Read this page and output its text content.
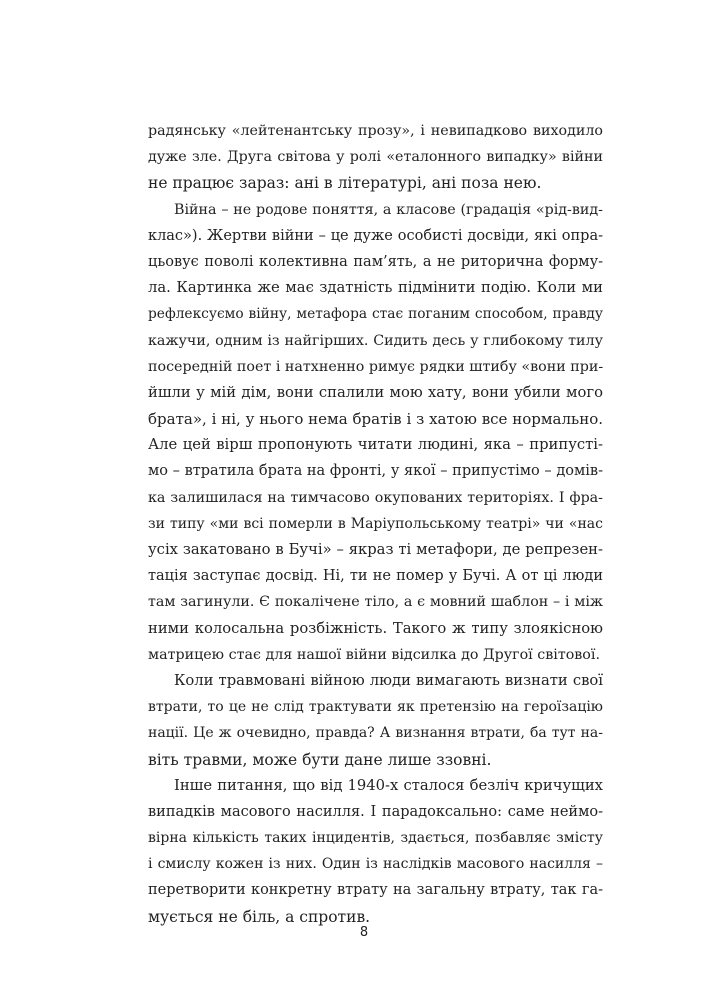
радянську «лейтенантську прозу», і невипадково виходило
дуже зле. Друга світова у ролі «еталонного випадку» війни
не працює зараз: ані в літературі, ані поза нею.
Війна – не родове поняття, а класове (градація «рід-вид-
клас»). Жертви війни – це дуже особисті досвіди, які опра-
цьовує поволі колективна пам’ять, а не риторична форму-
ла. Картинка же має здатність підмінити подію. Коли ми
рефлексуємо війну, метафора стає поганим способом, правду
кажучи, одним із найгірших. Сидить десь у глибокому тилу
посередній поет і натхненно римує рядки штибу «вони при-
йшли у мій дім, вони спалили мою хату, вони убили мого
брата», і ні, у нього нема братів і з хатою все нормально.
Але цей вірш пропонують читати людині, яка – припусті-
мо – втратила брата на фронті, у якої – припустімо – домів-
ка залишилася на тимчасово окупованих територіях. І фра-
зи типу «ми всі померли в Маріупольському театрі» чи «нас
усіх закатовано в Бучі» – якраз ті метафори, де репрезен-
тація заступає досвід. Ні, ти не помер у Бучі. А от ці люди
там загинули. Є покалічене тіло, а є мовний шаблон – і між
ними колосальна розбіжність. Такого ж типу злоякісною
матрицею стає для нашої війни відсилка до Другої світової.
Коли травмовані війною люди вимагають визнати свої
втрати, то це не слід трактувати як претензію на героїзацію
нації. Це ж очевидно, правда? А визнання втрати, ба тут на-
віть травми, може бути дане лише ззовні.
Інше питання, що від 1940-х сталося безліч кричущих
випадків масового насилля. І парадоксально: саме неймо-
вірна кількість таких інцидентів, здається, позбавляє змісту
і смислу кожен із них. Один із наслідків масового насилля –
перетворити конкретну втрату на загальну втрату, так га-
мується не біль, а спротив.
8
